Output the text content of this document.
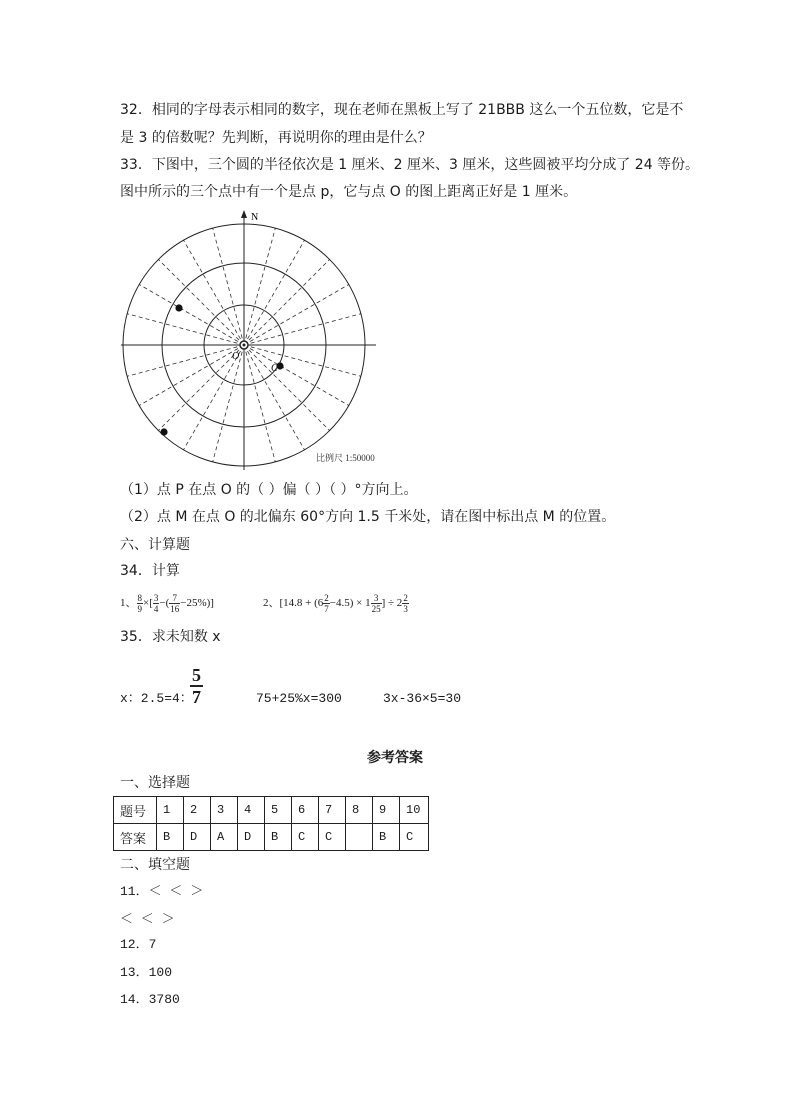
32．相同的字母表示相同的数字，现在老师在黑板上写了 21BBB 这么一个五位数，它是不
是 3 的倍数呢？先判断，再说明你的理由是什么？
33．下图中，三个圆的半径依次是 1 厘米、2 厘米、3 厘米，这些圆被平均分成了 24 等份。
图中所示的三个点中有一个是点 p，它与点 O 的图上距离正好是 1 厘米。
N
O
C
比例尺 1:50000
（1）点 P 在点 O 的（ ）偏（ ）（ ）°方向上。
（2）点 M 在点 O 的北偏东 60°方向 1.5 千米处，请在图中标出点 M 的位置。
六、计算题
34．计算
1、 $\frac{8}{9}$ ×[ $\frac{3}{4}$ −( $\frac{7}{16} -25\%$)]	2、[$14.8 + (6 \frac{2}{7} -4.5) \times 1 \frac{3}{25}$ ] ÷ $2 \frac{2}{3}$
35．求未知数 x
x：2.5=4：
$\frac{5}{7}$	75+25%x=300	3x-36×5=30
参考答案
一、选择题
题号	1	2	3	4	5	6	7	8	9	10
答案	B	D	A	D	B	C	C		B	C
二、填空题
11．＜ ＜ ＞
＜ ＜ ＞
12．7
13．100
14．3780
